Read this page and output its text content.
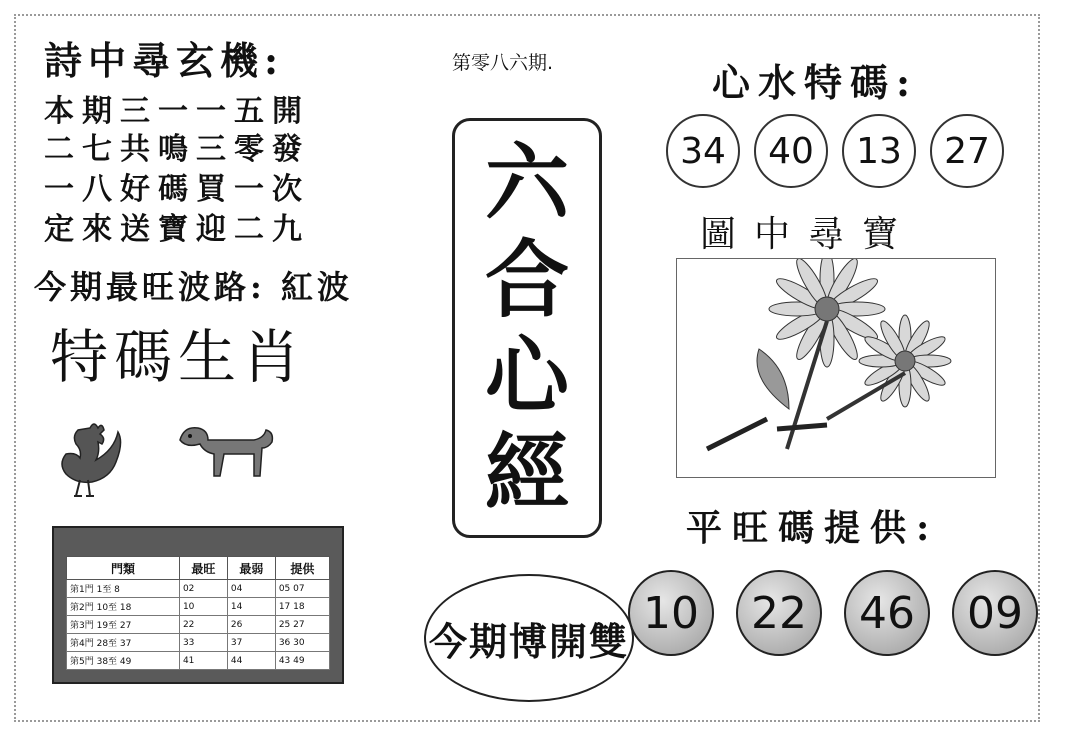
詩中尋玄機:
本期三一一五開
二七共鳴三零發
一八好碼買一次
定來送寶迎二九
今期最旺波路: 紅波
特碼生肖
第零八六期.
六
合
心
經
心水特碼:
34	40	13	27
圖中尋寶
平旺碼提供:
10	22	46	09
今期博開雙
門類	最旺	最弱	提供
第1門 1至 8	02	04	05 07
第2門 10至 18	10	14	17 18
第3門 19至 27	22	26	25 27
第4門 28至 37	33	37	36 30
第5門 38至 49	41	44	43 49
